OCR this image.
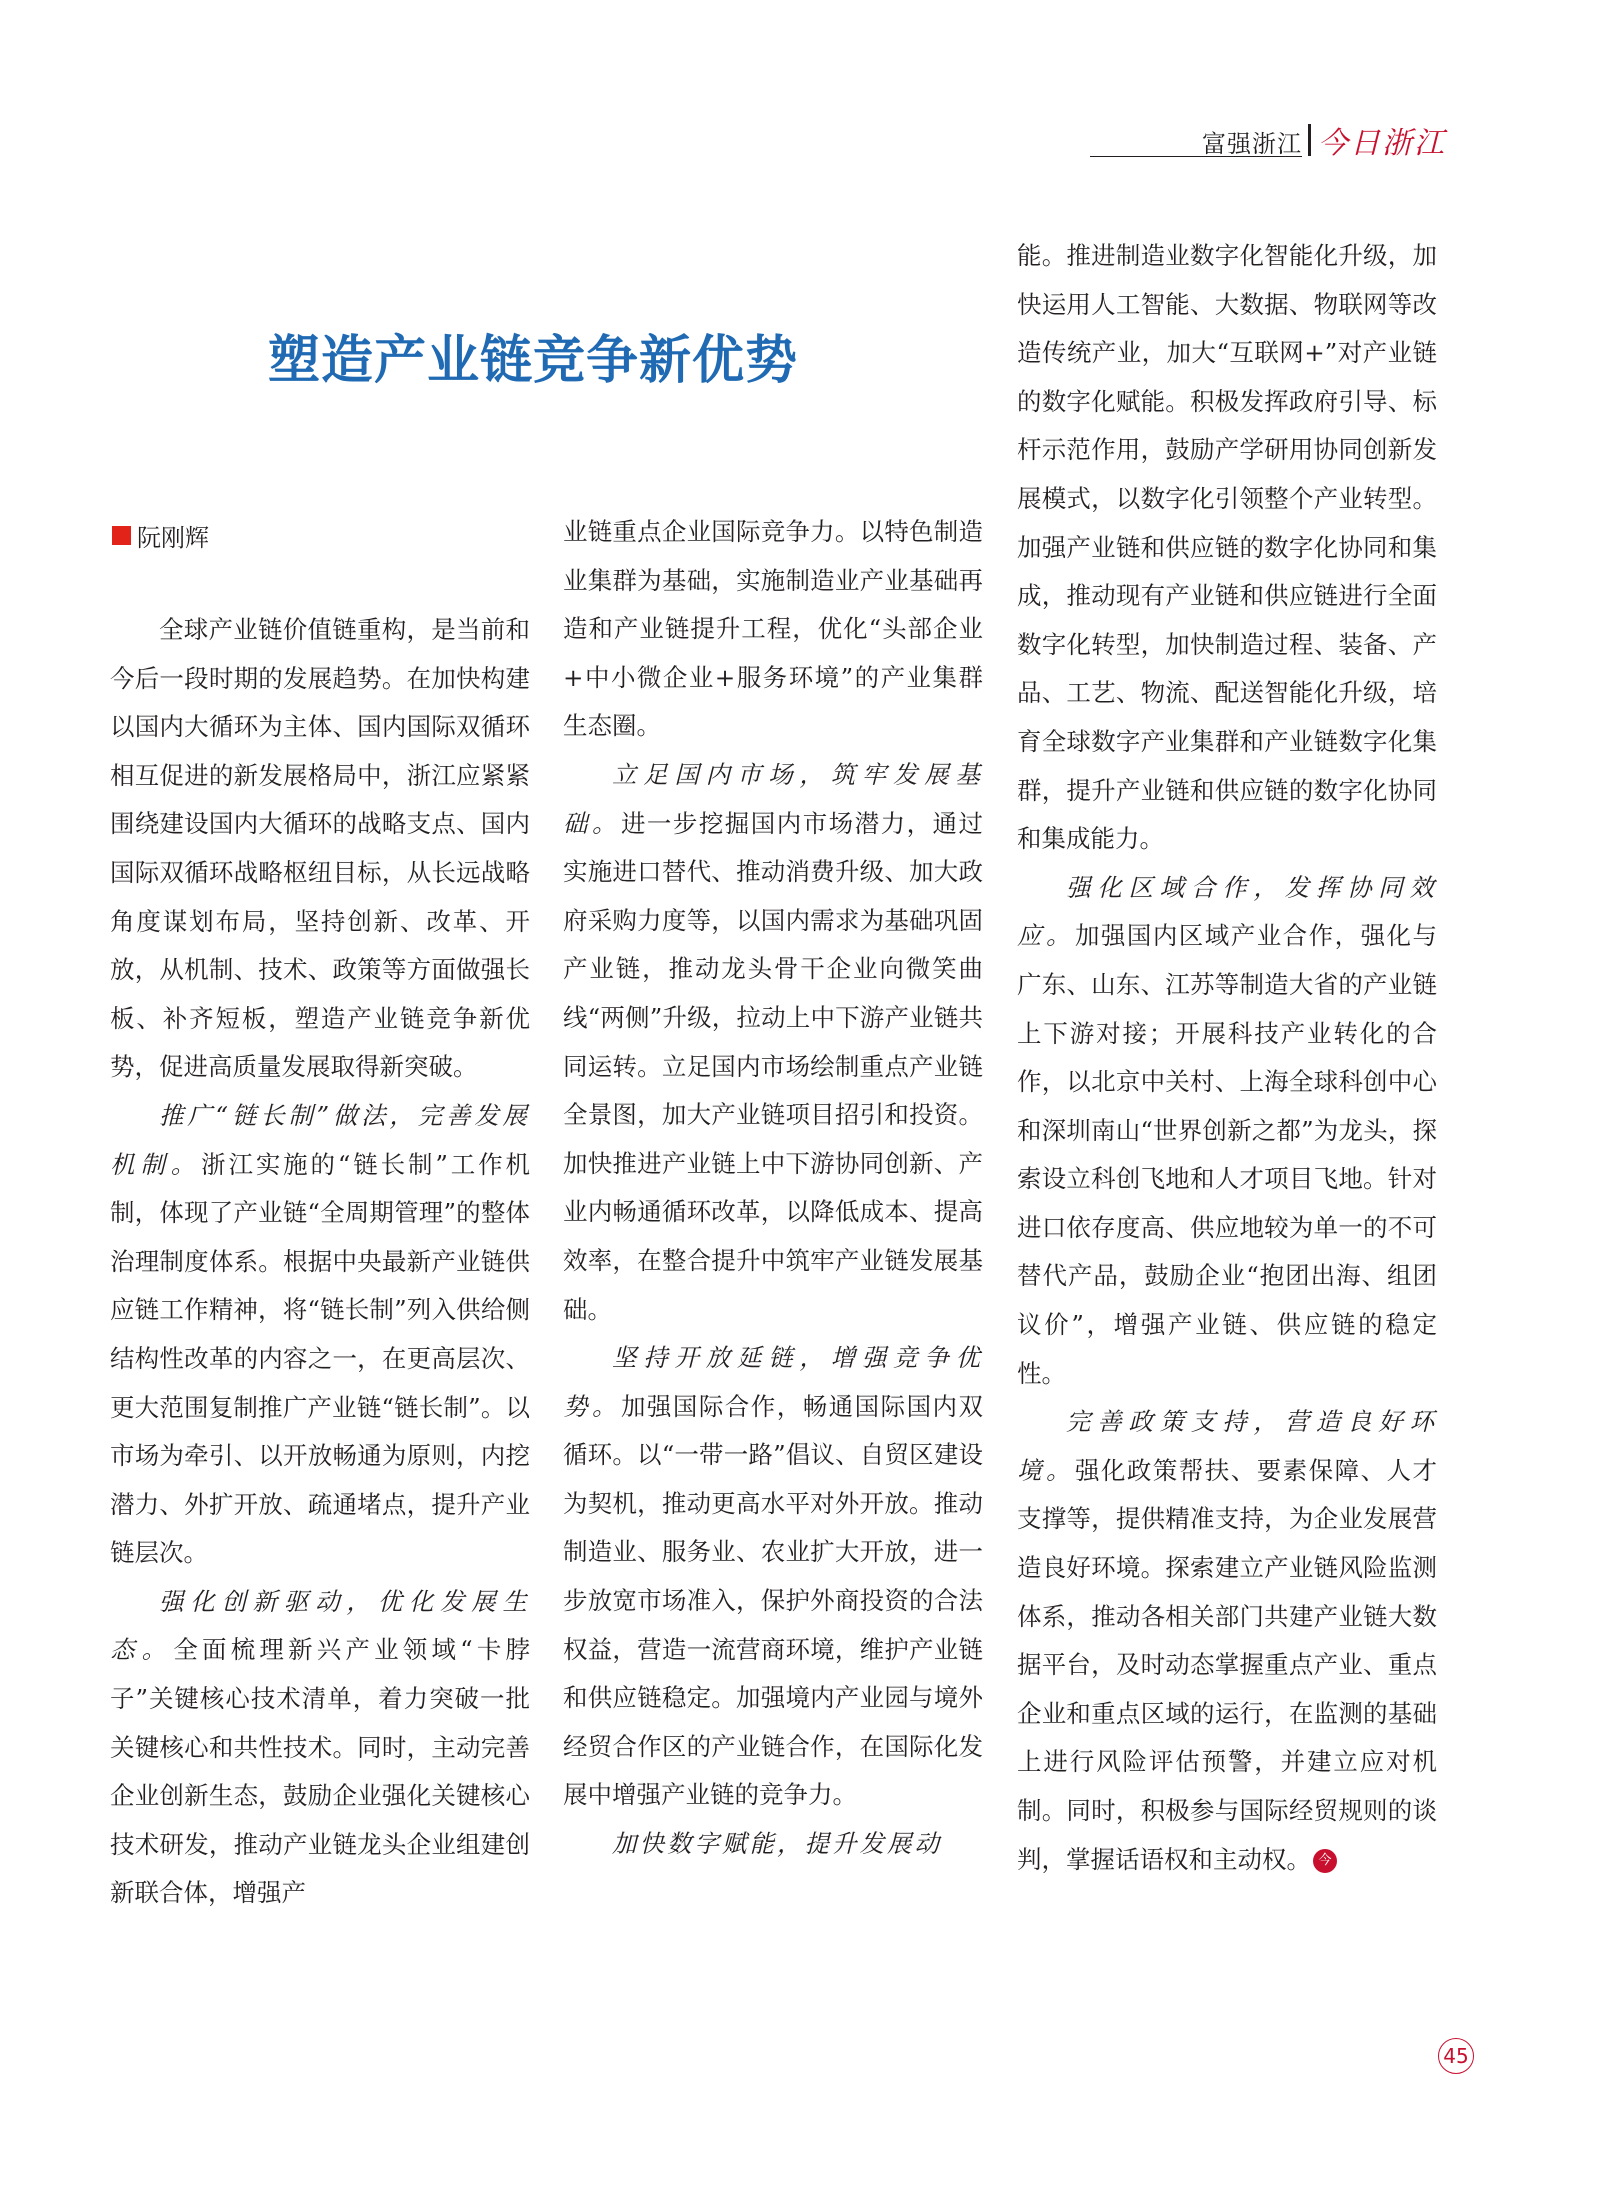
富强浙江 今日浙江
塑造产业链竞争新优势
阮刚辉

全球产业链价值链重构，是当前和今后一段时期的发展趋势。在加快构建以国内大循环为主体、国内国际双循环相互促进的新发展格局中，浙江应紧紧围绕建设国内大循环的战略支点、国内国际双循环战略枢纽目标，从长远战略角度谋划布局，坚持创新、改革、开放，从机制、技术、政策等方面做强长板、补齐短板，塑造产业链竞争新优势，促进高质量发展取得新突破。

推广“链长制”做法，完善发展机制。浙江实施的“链长制”工作机制，体现了产业链“全周期管理”的整体治理制度体系。根据中央最新产业链供应链工作精神，将“链长制”列入供给侧结构性改革的内容之一，在更高层次、更大范围复制推广产业链“链长制”。以市场为牵引、以开放畅通为原则，内挖潜力、外扩开放、疏通堵点，提升产业链层次。

强化创新驱动，优化发展生态。全面梳理新兴产业领域“卡脖子”关键核心技术清单，着力突破一批关键核心和共性技术。同时，主动完善企业创新生态，鼓励企业强化关键核心技术研发，推动产业链龙头企业组建创新联合体，增强产

业链重点企业国际竞争力。以特色制造业集群为基础，实施制造业产业基础再造和产业链提升工程，优化“头部企业+中小微企业+服务环境”的产业集群生态圈。

立足国内市场，筑牢发展基础。进一步挖掘国内市场潜力，通过实施进口替代、推动消费升级、加大政府采购力度等，以国内需求为基础巩固产业链，推动龙头骨干企业向微笑曲线“两侧”升级，拉动上中下游产业链共同运转。立足国内市场绘制重点产业链全景图，加大产业链项目招引和投资。加快推进产业链上中下游协同创新、产业内畅通循环改革，以降低成本、提高效率，在整合提升中筑牢产业链发展基础。

坚持开放延链，增强竞争优势。加强国际合作，畅通国际国内双循环。以“一带一路”倡议、自贸区建设为契机，推动更高水平对外开放。推动制造业、服务业、农业扩大开放，进一步放宽市场准入，保护外商投资的合法权益，营造一流营商环境，维护产业链和供应链稳定。加强境内产业园与境外经贸合作区的产业链合作，在国际化发展中增强产业链的竞争力。

加快数字赋能，提升发展动

能。推进制造业数字化智能化升级，加快运用人工智能、大数据、物联网等改造传统产业，加大“互联网+”对产业链的数字化赋能。积极发挥政府引导、标杆示范作用，鼓励产学研用协同创新发展模式，以数字化引领整个产业转型。加强产业链和供应链的数字化协同和集成，推动现有产业链和供应链进行全面数字化转型，加快制造过程、装备、产品、工艺、物流、配送智能化升级，培育全球数字产业集群和产业链数字化集群，提升产业链和供应链的数字化协同和集成能力。

强化区域合作，发挥协同效应。加强国内区域产业合作，强化与广东、山东、江苏等制造大省的产业链上下游对接；开展科技产业转化的合作，以北京中关村、上海全球科创中心和深圳南山“世界创新之都”为龙头，探索设立科创飞地和人才项目飞地。针对进口依存度高、供应地较为单一的不可替代产品，鼓励企业“抱团出海、组团议价”，增强产业链、供应链的稳定性。

完善政策支持，营造良好环境。强化政策帮扶、要素保障、人才支撑等，提供精准支持，为企业发展营造良好环境。探索建立产业链风险监测体系，推动各相关部门共建产业链大数据平台，及时动态掌握重点产业、重点企业和重点区域的运行，在监测的基础上进行风险评估预警，并建立应对机制。同时，积极参与国际经贸规则的谈判，掌握话语权和主动权。 今

45
